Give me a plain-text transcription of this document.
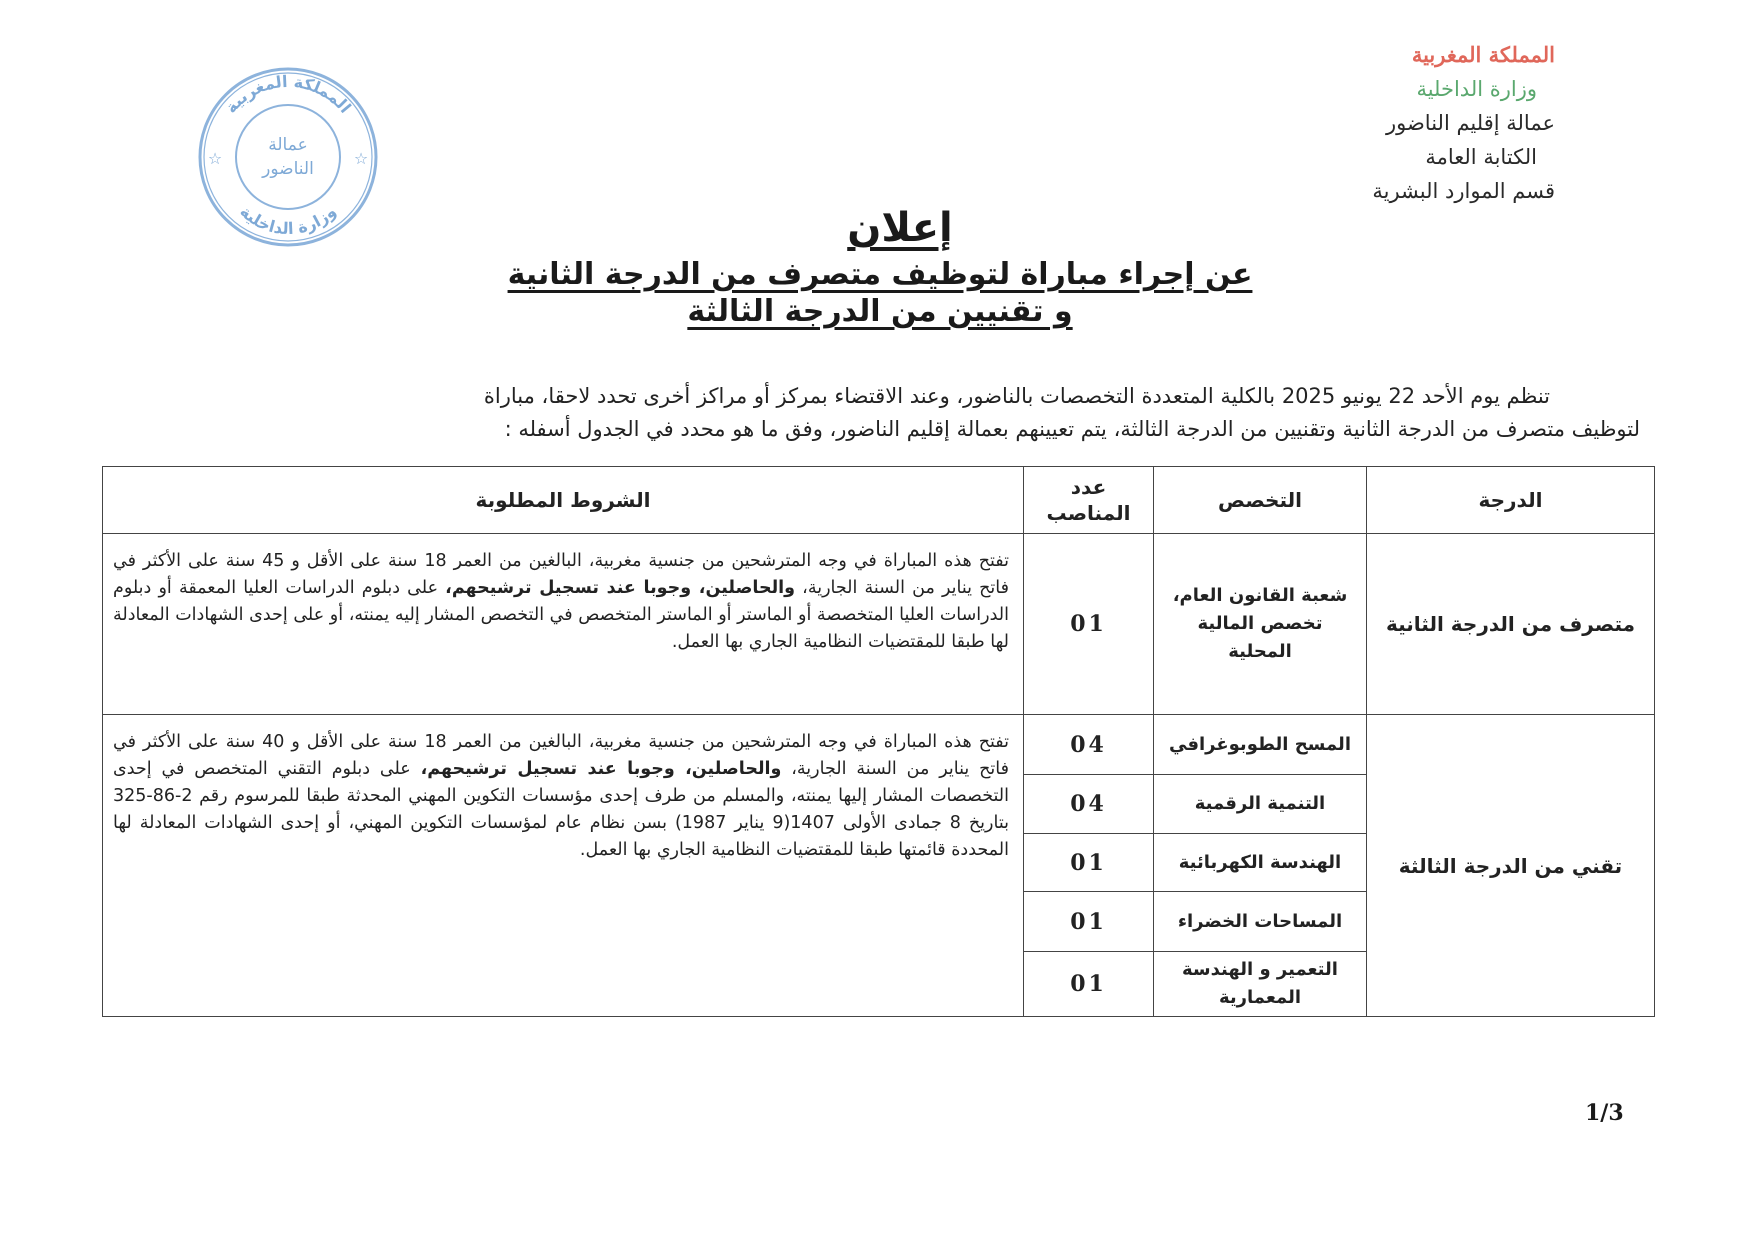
المملكة المغربية
وزارة الداخلية
عمالة إقليم الناضور
الكتابة العامة
قسم الموارد البشرية
المملكة المغربية
وزارة الداخلية
عمالة
الناضور
☆	☆
إعلان
عن إجراء مباراة لتوظيف متصرف من الدرجة الثانية
و تقنيين من الدرجة الثالثة
تنظم يوم الأحد 22 يونيو 2025 بالكلية المتعددة التخصصات بالناضور، وعند الاقتضاء بمركز أو مراكز أخرى تحدد لاحقا، مباراة
لتوظيف متصرف من الدرجة الثانية وتقنيين من الدرجة الثالثة، يتم تعيينهم بعمالة إقليم الناضور، وفق ما هو محدد في الجدول أسفله :
الدرجة	التخصص	عدد المناصب	الشروط المطلوبة
متصرف من الدرجة الثانية	شعبة القانون العام، تخصص المالية المحلية	01	تفتح هذه المباراة في وجه المترشحين من جنسية مغربية، البالغين من العمر 18 سنة على الأقل و 45 سنة على الأكثر في فاتح يناير من السنة الجارية، والحاصلين، وجوبا عند تسجيل ترشيحهم، على دبلوم الدراسات العليا المعمقة أو دبلوم الدراسات العليا المتخصصة أو الماستر أو الماستر المتخصص في التخصص المشار إليه يمنته، أو على إحدى الشهادات المعادلة لها طبقا للمقتضيات النظامية الجاري بها العمل.
تقني من الدرجة الثالثة	المسح الطوبوغرافي	04	تفتح هذه المباراة في وجه المترشحين من جنسية مغربية، البالغين من العمر 18 سنة على الأقل و 40 سنة على الأكثر في فاتح يناير من السنة الجارية، والحاصلين، وجوبا عند تسجيل ترشيحهم، على دبلوم التقني المتخصص في إحدى التخصصات المشار إليها يمنته، والمسلم من طرف إحدى مؤسسات التكوين المهني المحدثة طبقا للمرسوم رقم 2-86-325 بتاريخ 8 جمادى الأولى 1407(9 يناير 1987) بسن نظام عام لمؤسسات التكوين المهني، أو إحدى الشهادات المعادلة لها المحددة قائمتها طبقا للمقتضيات النظامية الجاري بها العمل.
	التنمية الرقمية	04	
	الهندسة الكهربائية	01	
	المساحات الخضراء	01	
	التعمير و الهندسة المعمارية	01	
1/3
